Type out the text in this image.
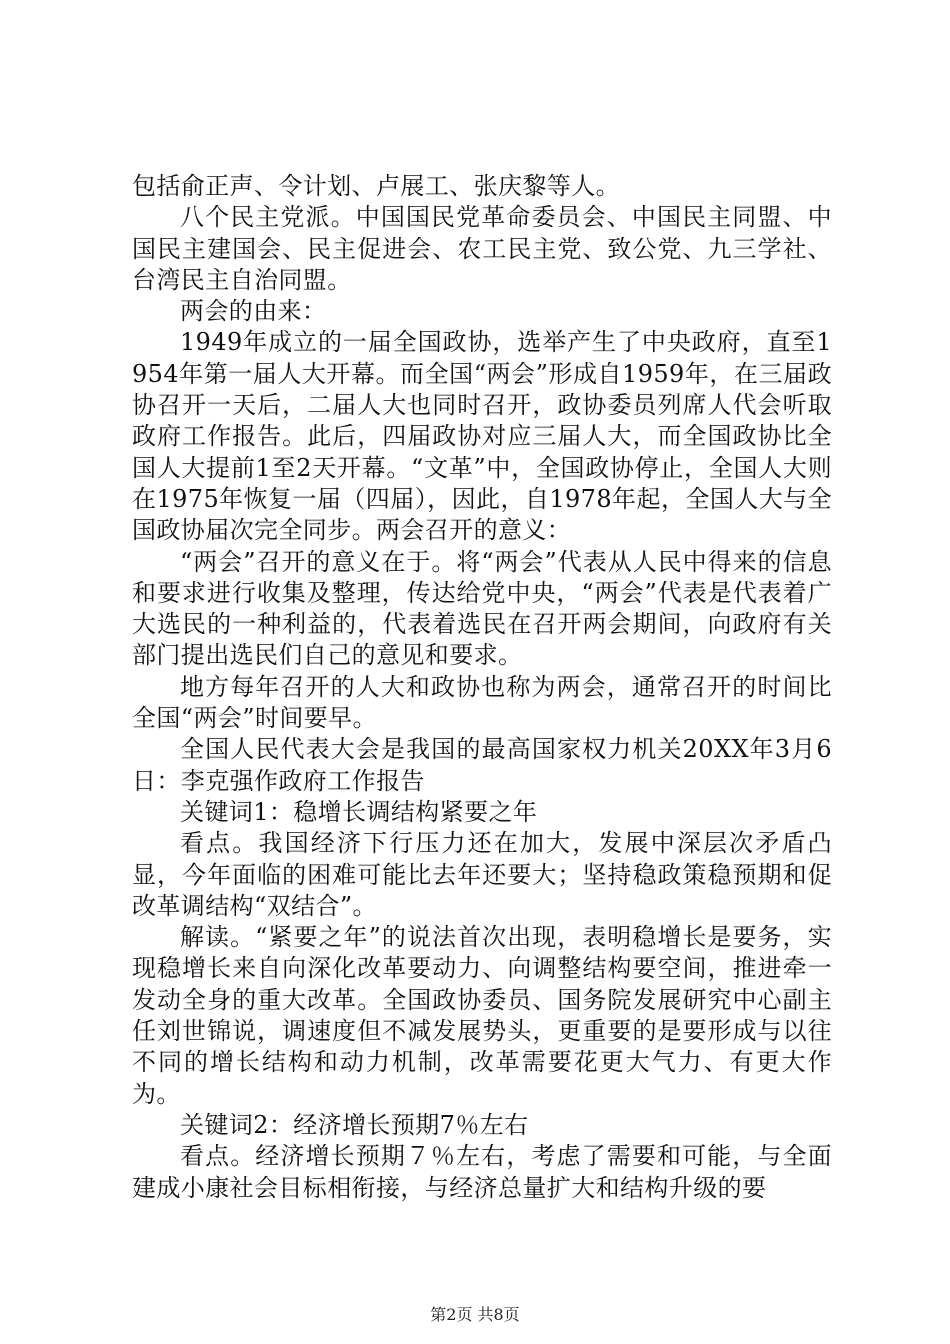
包括俞正声、令计划、卢展工、张庆黎等人。

八个民主党派。中国国民党革命委员会、中国民主同盟、中国民主建国会、民主促进会、农工民主党、致公党、九三学社、台湾民主自治同盟。

两会的由来：

1949年成立的一届全国政协，选举产生了中央政府，直至1954年第一届人大开幕。而全国“两会”形成自1959年，在三届政协召开一天后，二届人大也同时召开，政协委员列席人代会听取政府工作报告。此后，四届政协对应三届人大，而全国政协比全国人大提前1至2天开幕。“文革”中，全国政协停止，全国人大则在1975年恢复一届（四届），因此，自1978年起，全国人大与全国政协届次完全同步。两会召开的意义：

“两会”召开的意义在于。将“两会”代表从人民中得来的信息和要求进行收集及整理，传达给党中央，“两会”代表是代表着广大选民的一种利益的，代表着选民在召开两会期间，向政府有关部门提出选民们自己的意见和要求。

地方每年召开的人大和政协也称为两会，通常召开的时间比全国“两会”时间要早。

全国人民代表大会是我国的最高国家权力机关20XX年3月6日：李克强作政府工作报告

关键词1：稳增长调结构紧要之年

看点。我国经济下行压力还在加大，发展中深层次矛盾凸显，今年面临的困难可能比去年还要大；坚持稳政策稳预期和促改革调结构“双结合”。

解读。“紧要之年”的说法首次出现，表明稳增长是要务，实现稳增长来自向深化改革要动力、向调整结构要空间，推进牵一发动全身的重大改革。全国政协委员、国务院发展研究中心副主任刘世锦说，调速度但不减发展势头，更重要的是要形成与以往不同的增长结构和动力机制，改革需要花更大气力、有更大作为。

关键词2：经济增长预期7％左右

看点。经济增长预期７％左右，考虑了需要和可能，与全面建成小康社会目标相衔接，与经济总量扩大和结构升级的要

第2页 共8页
